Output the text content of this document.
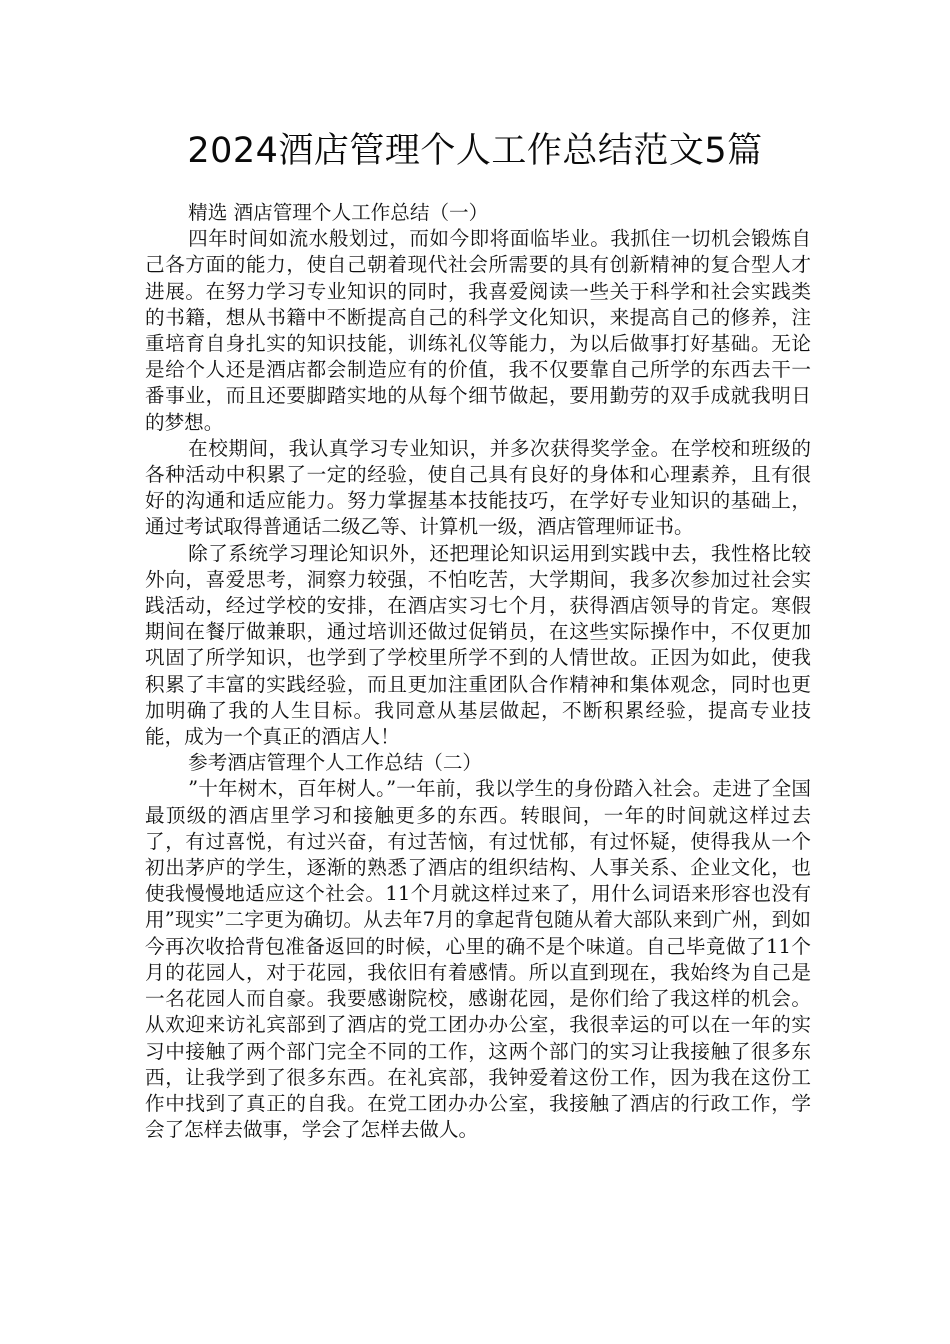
2024酒店管理个人工作总结范文5篇

精选 酒店管理个人工作总结（一）

四年时间如流水般划过，而如今即将面临毕业。我抓住一切机会锻炼自己各方面的能力，使自己朝着现代社会所需要的具有创新精神的复合型人才进展。在努力学习专业知识的同时，我喜爱阅读一些关于科学和社会实践类的书籍，想从书籍中不断提高自己的科学文化知识，来提高自己的修养，注重培育自身扎实的知识技能，训练礼仪等能力，为以后做事打好基础。无论是给个人还是酒店都会制造应有的价值，我不仅要靠自己所学的东西去干一番事业，而且还要脚踏实地的从每个细节做起，要用勤劳的双手成就我明日的梦想。

在校期间，我认真学习专业知识，并多次获得奖学金。在学校和班级的各种活动中积累了一定的经验，使自己具有良好的身体和心理素养，且有很好的沟通和适应能力。努力掌握基本技能技巧，在学好专业知识的基础上，通过考试取得普通话二级乙等、计算机一级，酒店管理师证书。

除了系统学习理论知识外，还把理论知识运用到实践中去，我性格比较外向，喜爱思考，洞察力较强，不怕吃苦，大学期间，我多次参加过社会实践活动，经过学校的安排，在酒店实习七个月，获得酒店领导的肯定。寒假期间在餐厅做兼职，通过培训还做过促销员，在这些实际操作中，不仅更加巩固了所学知识，也学到了学校里所学不到的人情世故。正因为如此，使我积累了丰富的实践经验，而且更加注重团队合作精神和集体观念，同时也更加明确了我的人生目标。我同意从基层做起，不断积累经验，提高专业技能，成为一个真正的酒店人！

参考酒店管理个人工作总结（二）

”十年树木，百年树人。”一年前，我以学生的身份踏入社会。走进了全国最顶级的酒店里学习和接触更多的东西。转眼间，一年的时间就这样过去了，有过喜悦，有过兴奋，有过苦恼，有过忧郁，有过怀疑，使得我从一个初出茅庐的学生，逐渐的熟悉了酒店的组织结构、人事关系、企业文化，也使我慢慢地适应这个社会。11个月就这样过来了，用什么词语来形容也没有用”现实”二字更为确切。从去年7月的拿起背包随从着大部队来到广州，到如今再次收拾背包准备返回的时候，心里的确不是个味道。自己毕竟做了11个月的花园人，对于花园，我依旧有着感情。所以直到现在，我始终为自己是一名花园人而自豪。我要感谢院校，感谢花园，是你们给了我这样的机会。从欢迎来访礼宾部到了酒店的党工团办办公室，我很幸运的可以在一年的实习中接触了两个部门完全不同的工作，这两个部门的实习让我接触了很多东西，让我学到了很多东西。在礼宾部，我钟爱着这份工作，因为我在这份工作中找到了真正的自我。在党工团办办公室，我接触了酒店的行政工作，学会了怎样去做事，学会了怎样去做人。
